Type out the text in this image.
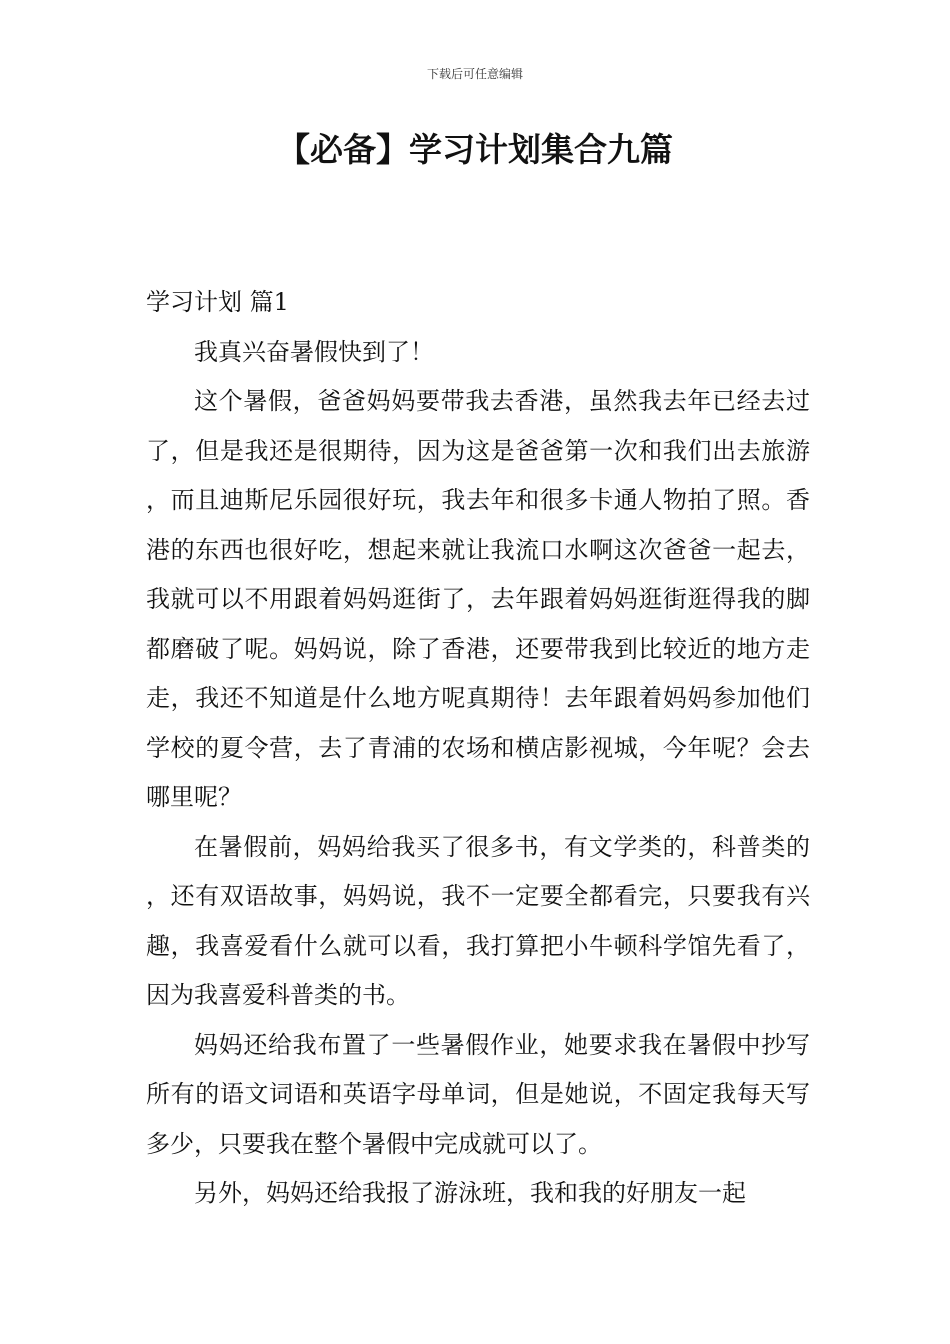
下载后可任意编辑
【必备】学习计划集合九篇
学习计划 篇1

我真兴奋暑假快到了！

这个暑假，爸爸妈妈要带我去香港，虽然我去年已经去过了，但是我还是很期待，因为这是爸爸第一次和我们出去旅游，而且迪斯尼乐园很好玩，我去年和很多卡通人物拍了照。香港的东西也很好吃，想起来就让我流口水啊这次爸爸一起去，我就可以不用跟着妈妈逛街了，去年跟着妈妈逛街逛得我的脚都磨破了呢。妈妈说，除了香港，还要带我到比较近的地方走走，我还不知道是什么地方呢真期待！去年跟着妈妈参加他们学校的夏令营，去了青浦的农场和横店影视城，今年呢？会去哪里呢？

在暑假前，妈妈给我买了很多书，有文学类的，科普类的，还有双语故事，妈妈说，我不一定要全都看完，只要我有兴趣，我喜爱看什么就可以看，我打算把小牛顿科学馆先看了，因为我喜爱科普类的书。

妈妈还给我布置了一些暑假作业，她要求我在暑假中抄写所有的语文词语和英语字母单词，但是她说，不固定我每天写多少，只要我在整个暑假中完成就可以了。

另外，妈妈还给我报了游泳班，我和我的好朋友一起
